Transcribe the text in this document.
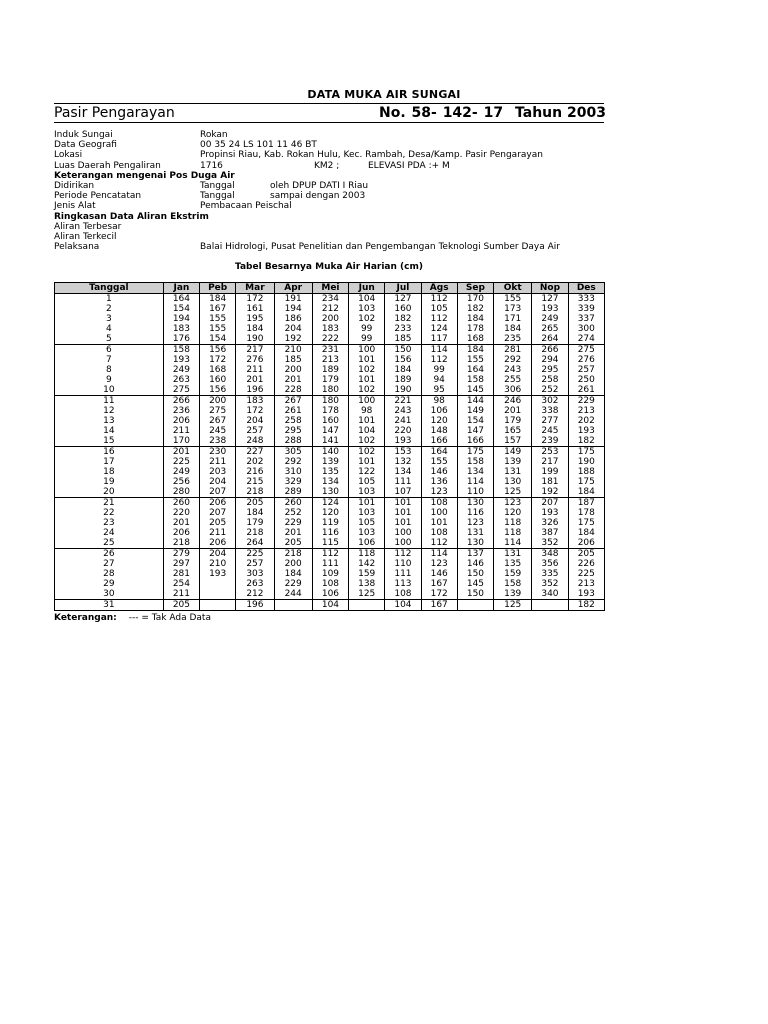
DATA MUKA AIR SUNGAI
Pasir Pengarayan	No. 58- 142- 17 Tahun 2003
Induk Sungai	Rokan
Data Geografi	00 35 24 LS 101 11 46 BT
Lokasi	Propinsi Riau, Kab. Rokan Hulu, Kec. Rambah, Desa/Kamp. Pasir Pengarayan
Luas Daerah Pengaliran	1716	KM2 ;	ELEVASI PDA :+ M
Keterangan mengenai Pos Duga Air
Didirikan	Tanggal	oleh DPUP DATI I Riau
Periode Pencatatan	Tanggal	sampai dengan 2003
Jenis Alat	Pembacaan Peischal
Ringkasan Data Aliran Ekstrim
Aliran Terbesar
Aliran Terkecil
Pelaksana	Balai Hidrologi, Pusat Penelitian dan Pengembangan Teknologi Sumber Daya Air
Tabel Besarnya Muka Air Harian (cm)
Tanggal	Jan	Peb	Mar	Apr	Mei	Jun	Jul	Ags	Sep	Okt	Nop	Des
1	164	184	172	191	234	104	127	112	170	155	127	333
2	154	167	161	194	212	103	160	105	182	173	193	339
3	194	155	195	186	200	102	182	112	184	171	249	337
4	183	155	184	204	183	99	233	124	178	184	265	300
5	176	154	190	192	222	99	185	117	168	235	264	274
6	158	156	217	210	231	100	150	114	184	281	266	275
7	193	172	276	185	213	101	156	112	155	292	294	276
8	249	168	211	200	189	102	184	99	164	243	295	257
9	263	160	201	201	179	101	189	94	158	255	258	250
10	275	156	196	228	180	102	190	95	145	306	252	261
11	266	200	183	267	180	100	221	98	144	246	302	229
12	236	275	172	261	178	98	243	106	149	201	338	213
13	206	267	204	258	160	101	241	120	154	179	277	202
14	211	245	257	295	147	104	220	148	147	165	245	193
15	170	238	248	288	141	102	193	166	166	157	239	182
16	201	230	227	305	140	102	153	164	175	149	253	175
17	225	211	202	292	139	101	132	155	158	139	217	190
18	249	203	216	310	135	122	134	146	134	131	199	188
19	256	204	215	329	134	105	111	136	114	130	181	175
20	280	207	218	289	130	103	107	123	110	125	192	184
21	260	206	205	260	124	101	101	108	130	123	207	187
22	220	207	184	252	120	103	101	100	116	120	193	178
23	201	205	179	229	119	105	101	101	123	118	326	175
24	206	211	218	201	116	103	100	108	131	118	387	184
25	218	206	264	205	115	106	100	112	130	114	352	206
26	279	204	225	218	112	118	112	114	137	131	348	205
27	297	210	257	200	111	142	110	123	146	135	356	226
28	281	193	303	184	109	159	111	146	150	159	335	225
29	254		263	229	108	138	113	167	145	158	352	213
30	211		212	244	106	125	108	172	150	139	340	193
31	205		196		104		104	167		125		182
Keterangan: --- = Tak Ada Data
